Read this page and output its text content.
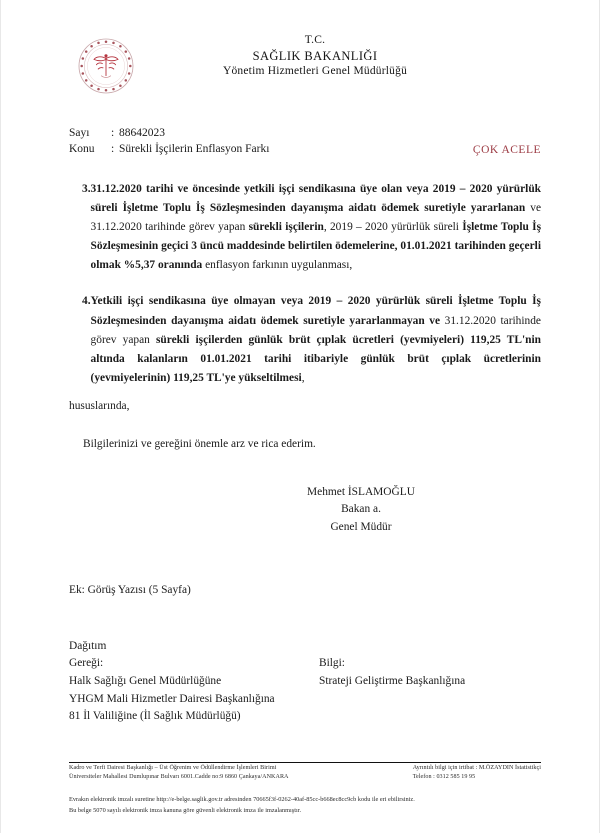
T.C.
SAĞLIK BAKANLIĞI
Yönetim Hizmetleri Genel Müdürlüğü
Sayı	: 88642023
Konu	: Sürekli İşçilerin Enflasyon Farkı	ÇOK ACELE
3. 31.12.2020 tarihi ve öncesinde yetkili işçi sendikasına üye olan veya 2019 – 2020 yürürlük süreli İşletme Toplu İş Sözleşmesinden dayanışma aidatı ödemek suretiyle yararlanan ve 31.12.2020 tarihinde görev yapan sürekli işçilerin, 2019 – 2020 yürürlük süreli İşletme Toplu İş Sözleşmesinin geçici 3 üncü maddesinde belirtilen ödemelerine, 01.01.2021 tarihinden geçerli olmak %5,37 oranında enflasyon farkının uygulanması,
4. Yetkili işçi sendikasına üye olmayan veya 2019 – 2020 yürürlük süreli İşletme Toplu İş Sözleşmesinden dayanışma aidatı ödemek suretiyle yararlanmayan ve 31.12.2020 tarihinde görev yapan sürekli işçilerden günlük brüt çıplak ücretleri (yevmiyeleri) 119,25 TL'nin altında kalanların 01.01.2021 tarihi itibariyle günlük brüt çıplak ücretlerinin (yevmiyelerinin) 119,25 TL'ye yükseltilmesi,
hususlarında,
Bilgilerinizi ve gereğini önemle arz ve rica ederim.
Mehmet İSLAMOĞLU
Bakan a.
Genel Müdür
Ek: Görüş Yazısı (5 Sayfa)
Dağıtım
Gereği:
Halk Sağlığı Genel Müdürlüğüne
YHGM Mali Hizmetler Dairesi Başkanlığına
81 İl Valiliğine (İl Sağlık Müdürlüğü)
Bilgi:
Strateji Geliştirme Başkanlığına
Kadro ve Terfi Dairesi Başkanlığı – Üst Öğrenim ve Ödüllendirme İşlemleri Birimi
Üniversiteler Mahallesi Dumlupınar Bulvarı 6001.Cadde no:9 6860 Çankaya/ANKARA
Ayrıntılı bilgi için irtibat : M.ÖZAYDIN İstatistikçi
Telefon : 0312 585 19 95
Evrakın elektronik imzalı suretine http://e-belge.saglik.gov.tr adresinden 70665f3f-0262-40af-85cc-b668ec8cc9cb kodu ile eri ebilirsiniz.
Bu belge 5070 sayılı elektronik imza kanuna göre güvenli elektronik imza ile imzalanmıştır.
